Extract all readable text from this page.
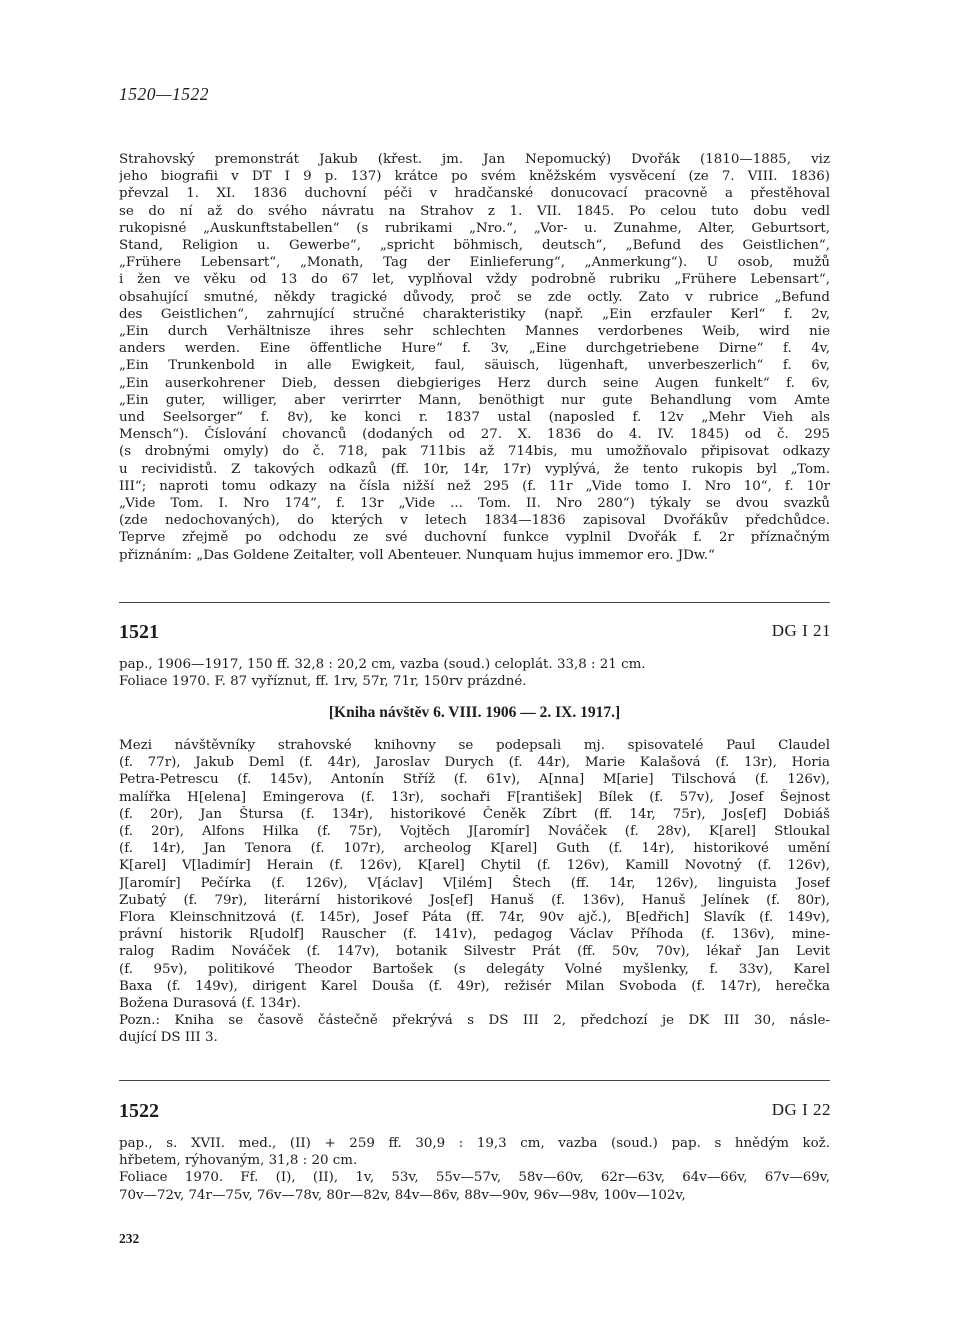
1520—1522

Strahovský premonstrát Jakub (křest. jm. Jan Nepomucký) Dvořák (1810—1885, viz

jeho biografii v DT I 9 p. 137) krátce po svém kněžském vysvěcení (ze 7. VIII. 1836)

převzal 1. XI. 1836 duchovní péči v hradčanské donucovací pracovně a přestěhoval

se do ní až do svého návratu na Strahov z 1. VII. 1845. Po celou tuto dobu vedl

rukopisné „Auskunftstabellen“ (s rubrikami „Nro.“, „Vor- u. Zunahme, Alter, Geburtsort,

Stand, Religion u. Gewerbe“, „spricht böhmisch, deutsch“, „Befund des Geistlichen“,

„Frühere Lebensart“, „Monath, Tag der Einlieferung“, „Anmerkung“). U osob, mužů

i žen ve věku od 13 do 67 let, vyplňoval vždy podrobně rubriku „Frühere Lebensart“,

obsahující smutné, někdy tragické důvody, proč se zde octly. Zato v rubrice „Befund

des Geistlichen“, zahrnující stručné charakteristiky (např. „Ein erzfauler Kerl“ f. 2v,

„Ein durch Verhältnisze ihres sehr schlechten Mannes verdorbenes Weib, wird nie

anders werden. Eine öffentliche Hure“ f. 3v, „Eine durchgetriebene Dirne“ f. 4v,

„Ein Trunkenbold in alle Ewigkeit, faul, säuisch, lügenhaft, unverbeszerlich“ f. 6v,

„Ein auserkohrener Dieb, dessen diebgieriges Herz durch seine Augen funkelt“ f. 6v,

„Ein guter, williger, aber verirrter Mann, benöthigt nur gute Behandlung vom Amte

und Seelsorger“ f. 8v), ke konci r. 1837 ustal (naposled f. 12v „Mehr Vieh als

Mensch“). Číslování chovanců (dodaných od 27. X. 1836 do 4. IV. 1845) od č. 295

(s drobnými omyly) do č. 718, pak 711bis až 714bis, mu umožňovalo připisovat odkazy

u recividistů. Z takových odkazů (ff. 10r, 14r, 17r) vyplývá, že tento rukopis byl „Tom.

III“; naproti tomu odkazy na čísla nižší než 295 (f. 11r „Vide tomo I. Nro 10“, f. 10r

„Vide Tom. I. Nro 174“, f. 13r „Vide ... Tom. II. Nro 280“) týkaly se dvou svazků

(zde nedochovaných), do kterých v letech 1834—1836 zapisoval Dvořákův předchůdce.

Teprve zřejmě po odchodu ze své duchovní funkce vyplnil Dvořák f. 2r příznačným

přiznáním: „Das Goldene Zeitalter, voll Abenteuer. Nunquam hujus immemor ero. JDw.“

1521	DG I 21

pap., 1906—1917, 150 ff. 32,8 : 20,2 cm, vazba (soud.) celoplát. 33,8 : 21 cm.

Foliace 1970. F. 87 vyříznut, ff. 1rv, 57r, 71r, 150rv prázdné.

[Kniha návštěv 6. VIII. 1906 — 2. IX. 1917.]

Mezi návštěvníky strahovské knihovny se podepsali mj. spisovatelé Paul Claudel

(f. 77r), Jakub Deml (f. 44r), Jaroslav Durych (f. 44r), Marie Kalašová (f. 13r), Horia

Petra-Petrescu (f. 145v), Antonín Stříž (f. 61v), A[nna] M[arie] Tilschová (f. 126v),

malířka H[elena] Emingerova (f. 13r), sochaři F[rantišek] Bílek (f. 57v), Josef Šejnost

(f. 20r), Jan Štursa (f. 134r), historikové Čeněk Zíbrt (ff. 14r, 75r), Jos[ef] Dobiáš

(f. 20r), Alfons Hilka (f. 75r), Vojtěch J[aromír] Nováček (f. 28v), K[arel] Stloukal

(f. 14r), Jan Tenora (f. 107r), archeolog K[arel] Guth (f. 14r), historikové umění

K[arel] V[ladimír] Herain (f. 126v), K[arel] Chytil (f. 126v), Kamill Novotný (f. 126v),

J[aromír] Pečírka (f. 126v), V[áclav] V[ilém] Štech (ff. 14r, 126v), linguista Josef

Zubatý (f. 79r), literární historikové Jos[ef] Hanuš (f. 136v), Hanuš Jelínek (f. 80r),

Flora Kleinschnitzová (f. 145r), Josef Páta (ff. 74r, 90v ajč.), B[edřich] Slavík (f. 149v),

právní historik R[udolf] Rauscher (f. 141v), pedagog Václav Příhoda (f. 136v), mine-

ralog Radim Nováček (f. 147v), botanik Silvestr Prát (ff. 50v, 70v), lékař Jan Levit

(f. 95v), politikové Theodor Bartošek (s delegáty Volné myšlenky, f. 33v), Karel

Baxa (f. 149v), dirigent Karel Douša (f. 49r), režisér Milan Svoboda (f. 147r), herečka

Božena Durasová (f. 134r).

Pozn.: Kniha se časově částečně překrývá s DS III 2, předchozí je DK III 30, násle-

dující DS III 3.

1522	DG I 22

pap., s. XVII. med., (II) + 259 ff. 30,9 : 19,3 cm, vazba (soud.) pap. s hnědým kož.

hřbetem, rýhovaným, 31,8 : 20 cm.

Foliace 1970. Ff. (I), (II), 1v, 53v, 55v—57v, 58v—60v, 62r—63v, 64v—66v, 67v—69v,

70v—72v, 74r—75v, 76v—78v, 80r—82v, 84v—86v, 88v—90v, 96v—98v, 100v—102v,

232
